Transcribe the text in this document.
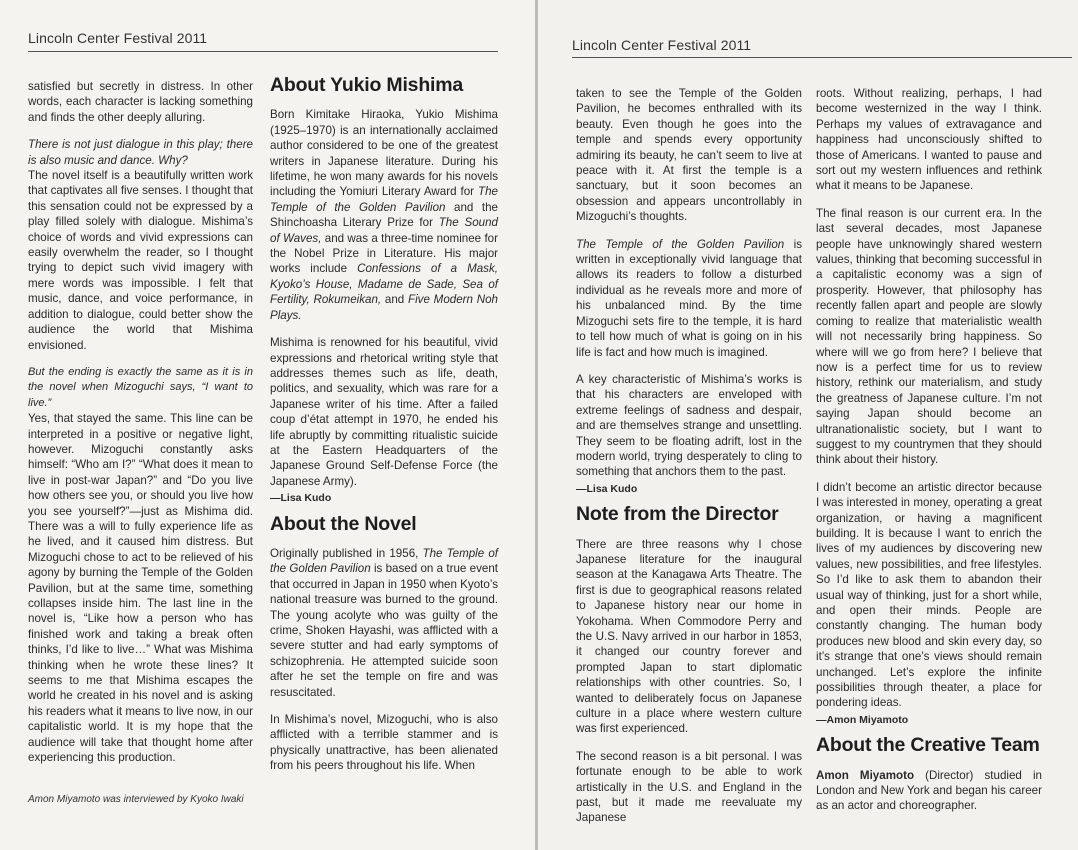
Lincoln Center Festival 2011

satisfied but secretly in distress. In other words, each character is lacking something and finds the other deeply alluring.

There is not just dialogue in this play; there is also music and dance. Why?

The novel itself is a beautifully written work that captivates all five senses. I thought that this sensation could not be expressed by a play filled solely with dialogue. Mishima’s choice of words and vivid expressions can easily overwhelm the reader, so I thought trying to depict such vivid imagery with mere words was impossible. I felt that music, dance, and voice performance, in addition to dialogue, could better show the audience the world that Mishima envisioned.

But the ending is exactly the same as it is in the novel when Mizoguchi says, “I want to live.”

Yes, that stayed the same. This line can be interpreted in a positive or negative light, however. Mizoguchi constantly asks himself: “Who am I?” “What does it mean to live in post-war Japan?” and “Do you live how others see you, or should you live how you see yourself?”—just as Mishima did. There was a will to fully experience life as he lived, and it caused him distress. But Mizoguchi chose to act to be relieved of his agony by burning the Temple of the Golden Pavilion, but at the same time, something collapses inside him. The last line in the novel is, “Like how a person who has finished work and taking a break often thinks, I’d like to live…” What was Mishima thinking when he wrote these lines? It seems to me that Mishima escapes the world he created in his novel and is asking his readers what it means to live now, in our capitalistic world. It is my hope that the audience will take that thought home after experiencing this production.

Amon Miyamoto was interviewed by Kyoko Iwaki
About Yukio Mishima

Born Kimitake Hiraoka, Yukio Mishima (1925–1970) is an internationally acclaimed author considered to be one of the greatest writers in Japanese literature. During his lifetime, he won many awards for his novels including the Yomiuri Literary Award for The Temple of the Golden Pavilion and the Shinchoasha Literary Prize for The Sound of Waves, and was a three-time nominee for the Nobel Prize in Literature. His major works include Confessions of a Mask, Kyoko’s House, Madame de Sade, Sea of Fertility, Rokumeikan, and Five Modern Noh Plays.

Mishima is renowned for his beautiful, vivid expressions and rhetorical writing style that addresses themes such as life, death, politics, and sexuality, which was rare for a Japanese writer of his time. After a failed coup d’état attempt in 1970, he ended his life abruptly by committing ritualistic suicide at the Eastern Headquarters of the Japanese Ground Self-Defense Force (the Japanese Army).

—Lisa Kudo
About the Novel

Originally published in 1956, The Temple of the Golden Pavilion is based on a true event that occurred in Japan in 1950 when Kyoto’s national treasure was burned to the ground. The young acolyte who was guilty of the crime, Shoken Hayashi, was afflicted with a severe stutter and had early symptoms of schizophrenia. He attempted suicide soon after he set the temple on fire and was resuscitated.

In Mishima’s novel, Mizoguchi, who is also afflicted with a terrible stammer and is physically unattractive, has been alienated from his peers throughout his life. When

Lincoln Center Festival 2011

taken to see the Temple of the Golden Pavilion, he becomes enthralled with its beauty. Even though he goes into the temple and spends every opportunity admiring its beauty, he can’t seem to live at peace with it. At first the temple is a sanctuary, but it soon becomes an obsession and appears uncontrollably in Mizoguchi’s thoughts.

The Temple of the Golden Pavilion is written in exceptionally vivid language that allows its readers to follow a disturbed individual as he reveals more and more of his unbalanced mind. By the time Mizoguchi sets fire to the temple, it is hard to tell how much of what is going on in his life is fact and how much is imagined.

A key characteristic of Mishima’s works is that his characters are enveloped with extreme feelings of sadness and despair, and are themselves strange and unsettling. They seem to be floating adrift, lost in the modern world, trying desperately to cling to something that anchors them to the past.

—Lisa Kudo
Note from the Director

There are three reasons why I chose Japanese literature for the inaugural season at the Kanagawa Arts Theatre. The first is due to geographical reasons related to Japanese history near our home in Yokohama. When Commodore Perry and the U.S. Navy arrived in our harbor in 1853, it changed our country forever and prompted Japan to start diplomatic relationships with other countries. So, I wanted to deliberately focus on Japanese culture in a place where western culture was first experienced.

The second reason is a bit personal. I was fortunate enough to be able to work artistically in the U.S. and England in the past, but it made me reevaluate my Japanese

roots. Without realizing, perhaps, I had become westernized in the way I think. Perhaps my values of extravagance and happiness had unconsciously shifted to those of Americans. I wanted to pause and sort out my western influences and rethink what it means to be Japanese.

The final reason is our current era. In the last several decades, most Japanese people have unknowingly shared western values, thinking that becoming successful in a capitalistic economy was a sign of prosperity. However, that philosophy has recently fallen apart and people are slowly coming to realize that materialistic wealth will not necessarily bring happiness. So where will we go from here? I believe that now is a perfect time for us to review history, rethink our materialism, and study the greatness of Japanese culture. I’m not saying Japan should become an ultranationalistic society, but I want to suggest to my countrymen that they should think about their history.

I didn’t become an artistic director because I was interested in money, operating a great organization, or having a magnificent building. It is because I want to enrich the lives of my audiences by discovering new values, new possibilities, and free lifestyles. So I’d like to ask them to abandon their usual way of thinking, just for a short while, and open their minds. People are constantly changing. The human body produces new blood and skin every day, so it’s strange that one’s views should remain unchanged. Let’s explore the infinite possibilities through theater, a place for pondering ideas.

—Amon Miyamoto
About the Creative Team

Amon Miyamoto (Director) studied in London and New York and began his career as an actor and choreographer.
